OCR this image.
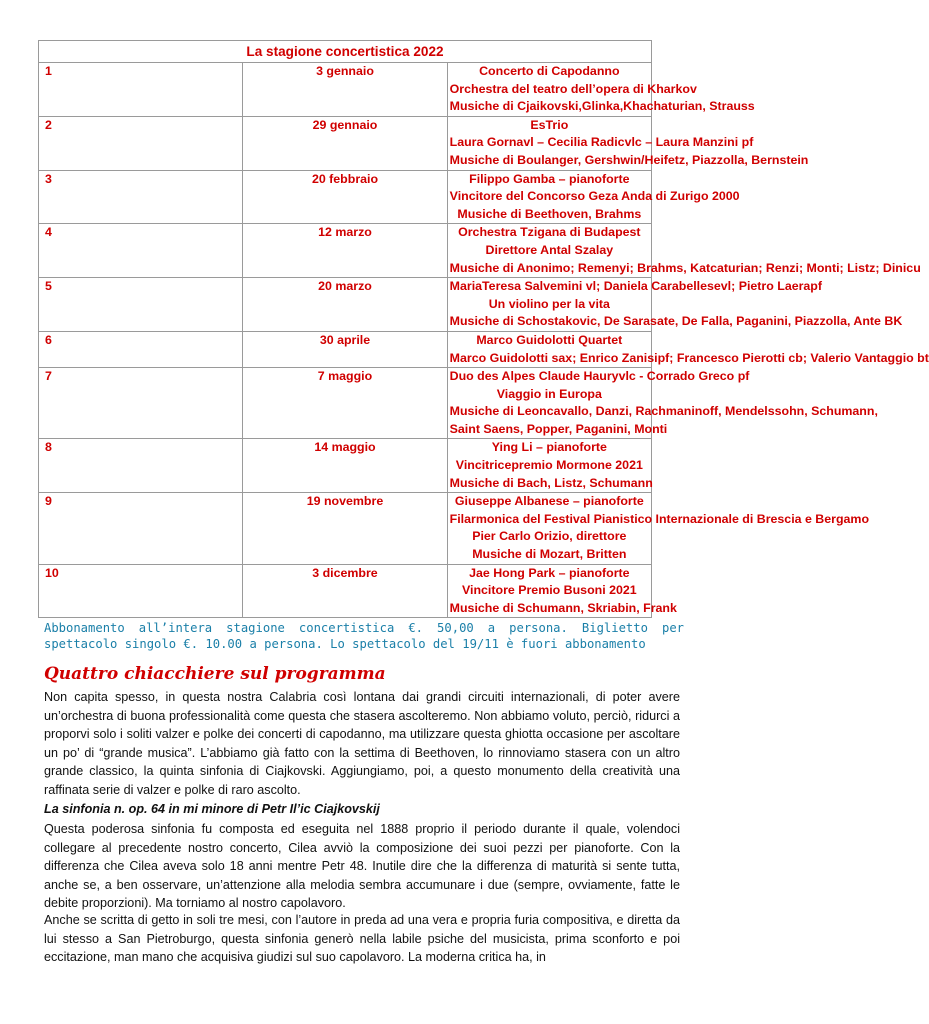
La stagione concertistica 2022		
1	3 gennaio	Concerto di Capodanno
Orchestra del teatro dell’opera di Kharkov
Musiche di Cjaikovski,Glinka,Khachaturian, Strauss

2	29 gennaio	EsTrio
Laura Gornavl – Cecilia Radicvlc – Laura Manzini pf
Musiche di Boulanger, Gershwin/Heifetz, Piazzolla, Bernstein

3	20 febbraio	Filippo Gamba – pianoforte
Vincitore del Concorso Geza Anda di Zurigo 2000
Musiche di Beethoven, Brahms

4	12 marzo	Orchestra Tzigana di Budapest
Direttore Antal Szalay
Musiche di Anonimo; Remenyi; Brahms, Katcaturian; Renzi; Monti; Listz; Dinicu

5	20 marzo	MariaTeresa Salvemini vl; Daniela Carabellesevl; Pietro Laerapf
Un violino per la vita
Musiche di Schostakovic, De Sarasate, De Falla, Paganini, Piazzolla, Ante BK

6	30 aprile	Marco Guidolotti Quartet
Marco Guidolotti sax; Enrico Zanisipf; Francesco Pierotti cb; Valerio Vantaggio bt

7	7 maggio	Duo des Alpes Claude Hauryvlc - Corrado Greco pf
Viaggio in Europa
Musiche di Leoncavallo, Danzi, Rachmaninoff, Mendelssohn, Schumann,
Saint Saens, Popper, Paganini, Monti

8	14 maggio	Ying Li – pianoforte
Vincitricepremio Mormone 2021
Musiche di Bach, Listz, Schumann

9	19 novembre	Giuseppe Albanese – pianoforte
Filarmonica del Festival Pianistico Internazionale di Brescia e Bergamo
Pier Carlo Orizio, direttore
Musiche di Mozart, Britten

10	3 dicembre	Jae Hong Park – pianoforte
Vincitore Premio Busoni 2021
Musiche di Schumann, Skriabin, Frank
Abbonamento all’intera stagione concertistica €. 50,00 a persona. Biglietto per spettacolo singolo €. 10.00 a persona. Lo spettacolo del 19/11 è fuori abbonamento
Quattro chiacchiere sul programma
Non capita spesso, in questa nostra Calabria così lontana dai grandi circuiti internazionali, di poter avere un’orchestra di buona professionalità come questa che stasera ascolteremo. Non abbiamo voluto, perciò, ridurci a proporvi solo i soliti valzer e polke dei concerti di capodanno, ma utilizzare questa ghiotta occasione per ascoltare un po’ di “grande musica”. L’abbiamo già fatto con la settima di Beethoven, lo rinnoviamo stasera con un altro grande classico, la quinta sinfonia di Ciajkovski. Aggiungiamo, poi, a questo monumento della creatività una raffinata serie di valzer e polke di raro ascolto.
La sinfonia n. op. 64 in mi minore di Petr Il’ic Ciajkovskij
Questa poderosa sinfonia fu composta ed eseguita nel 1888 proprio il periodo durante il quale, volendoci collegare al precedente nostro concerto, Cilea avviò la composizione dei suoi pezzi per pianoforte. Con la differenza che Cilea aveva solo 18 anni mentre Petr 48. Inutile dire che la differenza di maturità si sente tutta, anche se, a ben osservare, un’attenzione alla melodia sembra accumunare i due (sempre, ovviamente, fatte le debite proporzioni). Ma torniamo al nostro capolavoro.
Anche se scritta di getto in soli tre mesi, con l’autore in preda ad una vera e propria furia compositiva, e diretta da lui stesso a San Pietroburgo, questa sinfonia generò nella labile psiche del musicista, prima sconforto e poi eccitazione, man mano che acquisiva giudizi sul suo capolavoro. La moderna critica ha, in
